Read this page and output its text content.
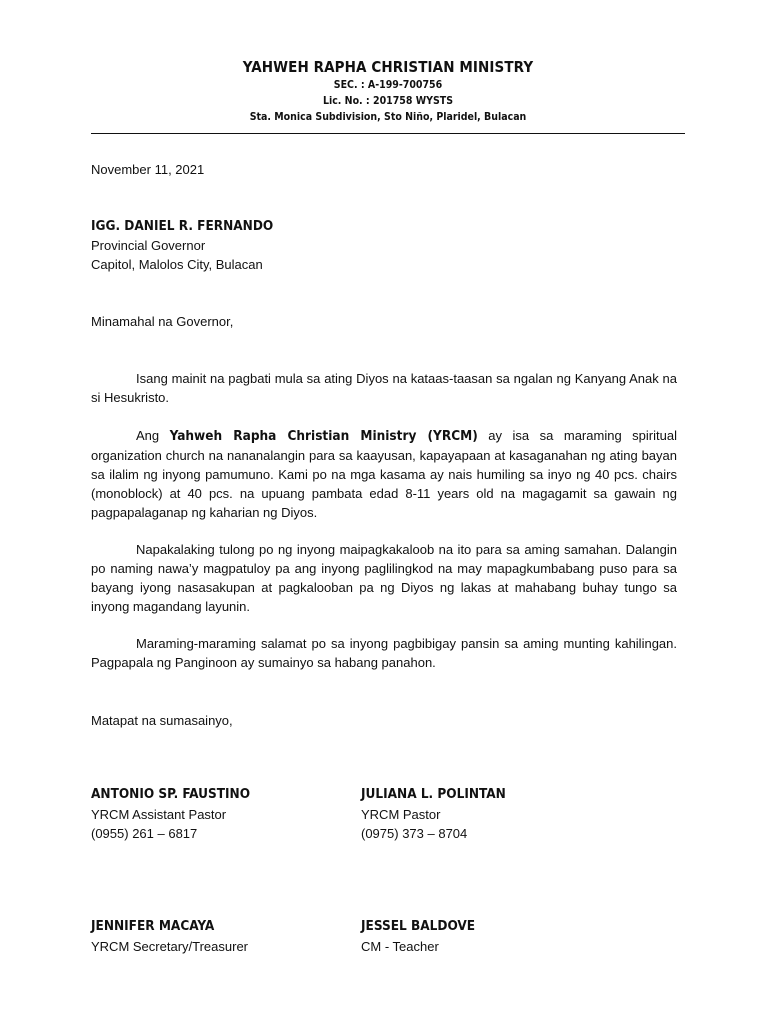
YAHWEH RAPHA CHRISTIAN MINISTRY
SEC. : A-199-700756
Lic. No. : 201758 WYSTS
Sta. Monica Subdivision, Sto Niño, Plaridel, Bulacan
November 11, 2021
IGG. DANIEL R. FERNANDO
Provincial Governor
Capitol, Malolos City, Bulacan
Minamahal na Governor,
Isang mainit na pagbati mula sa ating Diyos na kataas-taasan sa ngalan ng Kanyang Anak na si Hesukristo.
Ang Yahweh Rapha Christian Ministry (YRCM) ay isa sa maraming spiritual organization church na nananalangin para sa kaayusan, kapayapaan at kasaganahan ng ating bayan sa ilalim ng inyong pamumuno. Kami po na mga kasama ay nais humiling sa inyo ng 40 pcs. chairs (monoblock) at 40 pcs. na upuang pambata edad 8-11 years old na magagamit sa gawain ng pagpapalaganap ng kaharian ng Diyos.
Napakalaking tulong po ng inyong maipagkakaloob na ito para sa aming samahan. Dalangin po naming nawa’y magpatuloy pa ang inyong paglilingkod na may mapagkumbabang puso para sa bayang iyong nasasakupan at pagkalooban pa ng Diyos ng lakas at mahabang buhay tungo sa inyong magandang layunin.
Maraming-maraming salamat po sa inyong pagbibigay pansin sa aming munting kahilingan. Pagpapala ng Panginoon ay sumainyo sa habang panahon.
Matapat na sumasainyo,
ANTONIO SP. FAUSTINO
YRCM Assistant Pastor
(0955) 261 – 6817
JULIANA L. POLINTAN
YRCM Pastor
(0975) 373 – 8704
JENNIFER MACAYA
YRCM Secretary/Treasurer
JESSEL BALDOVE
CM - Teacher
